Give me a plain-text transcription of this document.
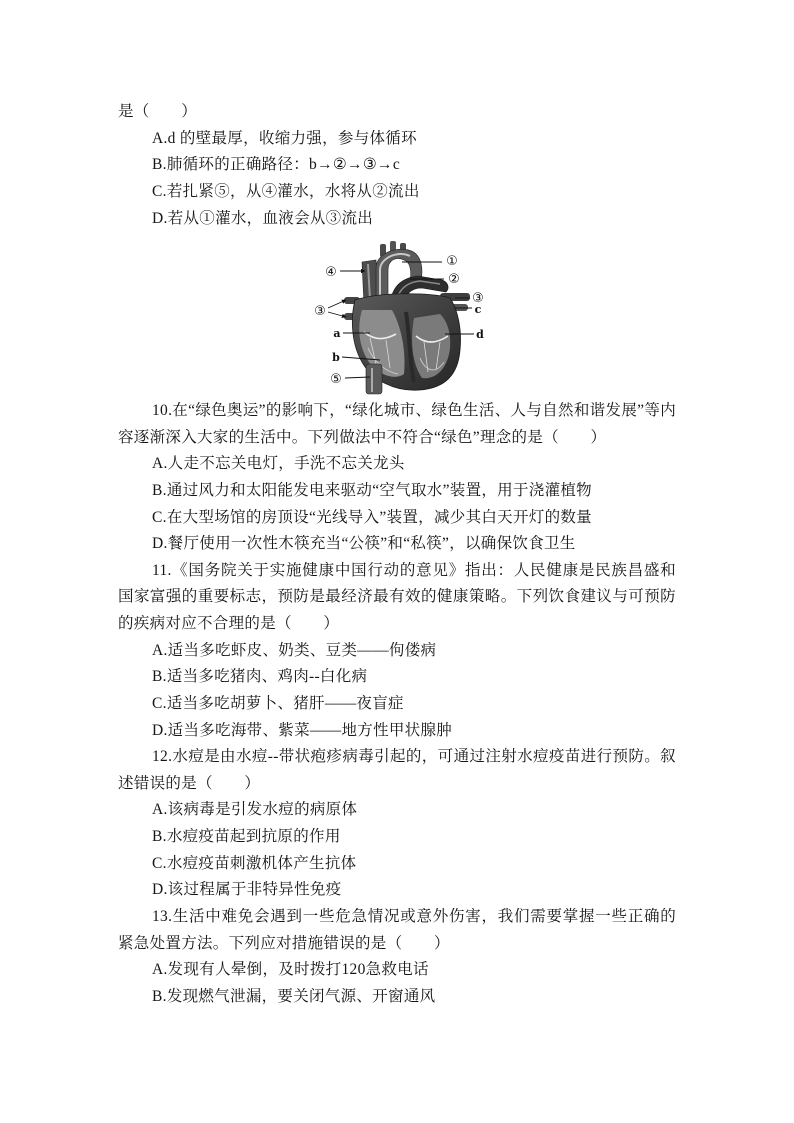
是（　　）
A.d 的壁最厚，收缩力强，参与体循环
B.肺循环的正确路径：b→②→③→c
C.若扎紧⑤，从④灌水，水将从②流出
D.若从①灌水，血液会从③流出
①
②
③
c
④
③
a	d
b
⑤
10.在“绿色奥运”的影响下，“绿化城市、绿色生活、人与自然和谐发展”等内
容逐渐深入大家的生活中。下列做法中不符合“绿色”理念的是（　　）
A.人走不忘关电灯，手洗不忘关龙头
B.通过风力和太阳能发电来驱动“空气取水”装置，用于浇灌植物
C.在大型场馆的房顶设“光线导入”装置，减少其白天开灯的数量
D.餐厅使用一次性木筷充当“公筷”和“私筷”，以确保饮食卫生
11.《国务院关于实施健康中国行动的意见》指出：人民健康是民族昌盛和
国家富强的重要标志，预防是最经济最有效的健康策略。下列饮食建议与可预防
的疾病对应不合理的是（　　）
A.适当多吃虾皮、奶类、豆类——佝偻病
B.适当多吃猪肉、鸡肉--白化病
C.适当多吃胡萝卜、猪肝——夜盲症
D.适当多吃海带、紫菜——地方性甲状腺肿
12.水痘是由水痘--带状疱疹病毒引起的，可通过注射水痘疫苗进行预防。叙
述错误的是（　　）
A.该病毒是引发水痘的病原体
B.水痘疫苗起到抗原的作用
C.水痘疫苗刺激机体产生抗体
D.该过程属于非特异性免疫
13.生活中难免会遇到一些危急情况或意外伤害，我们需要掌握一些正确的
紧急处置方法。下列应对措施错误的是（　　）
A.发现有人晕倒，及时拨打120急救电话
B.发现燃气泄漏，要关闭气源、开窗通风
